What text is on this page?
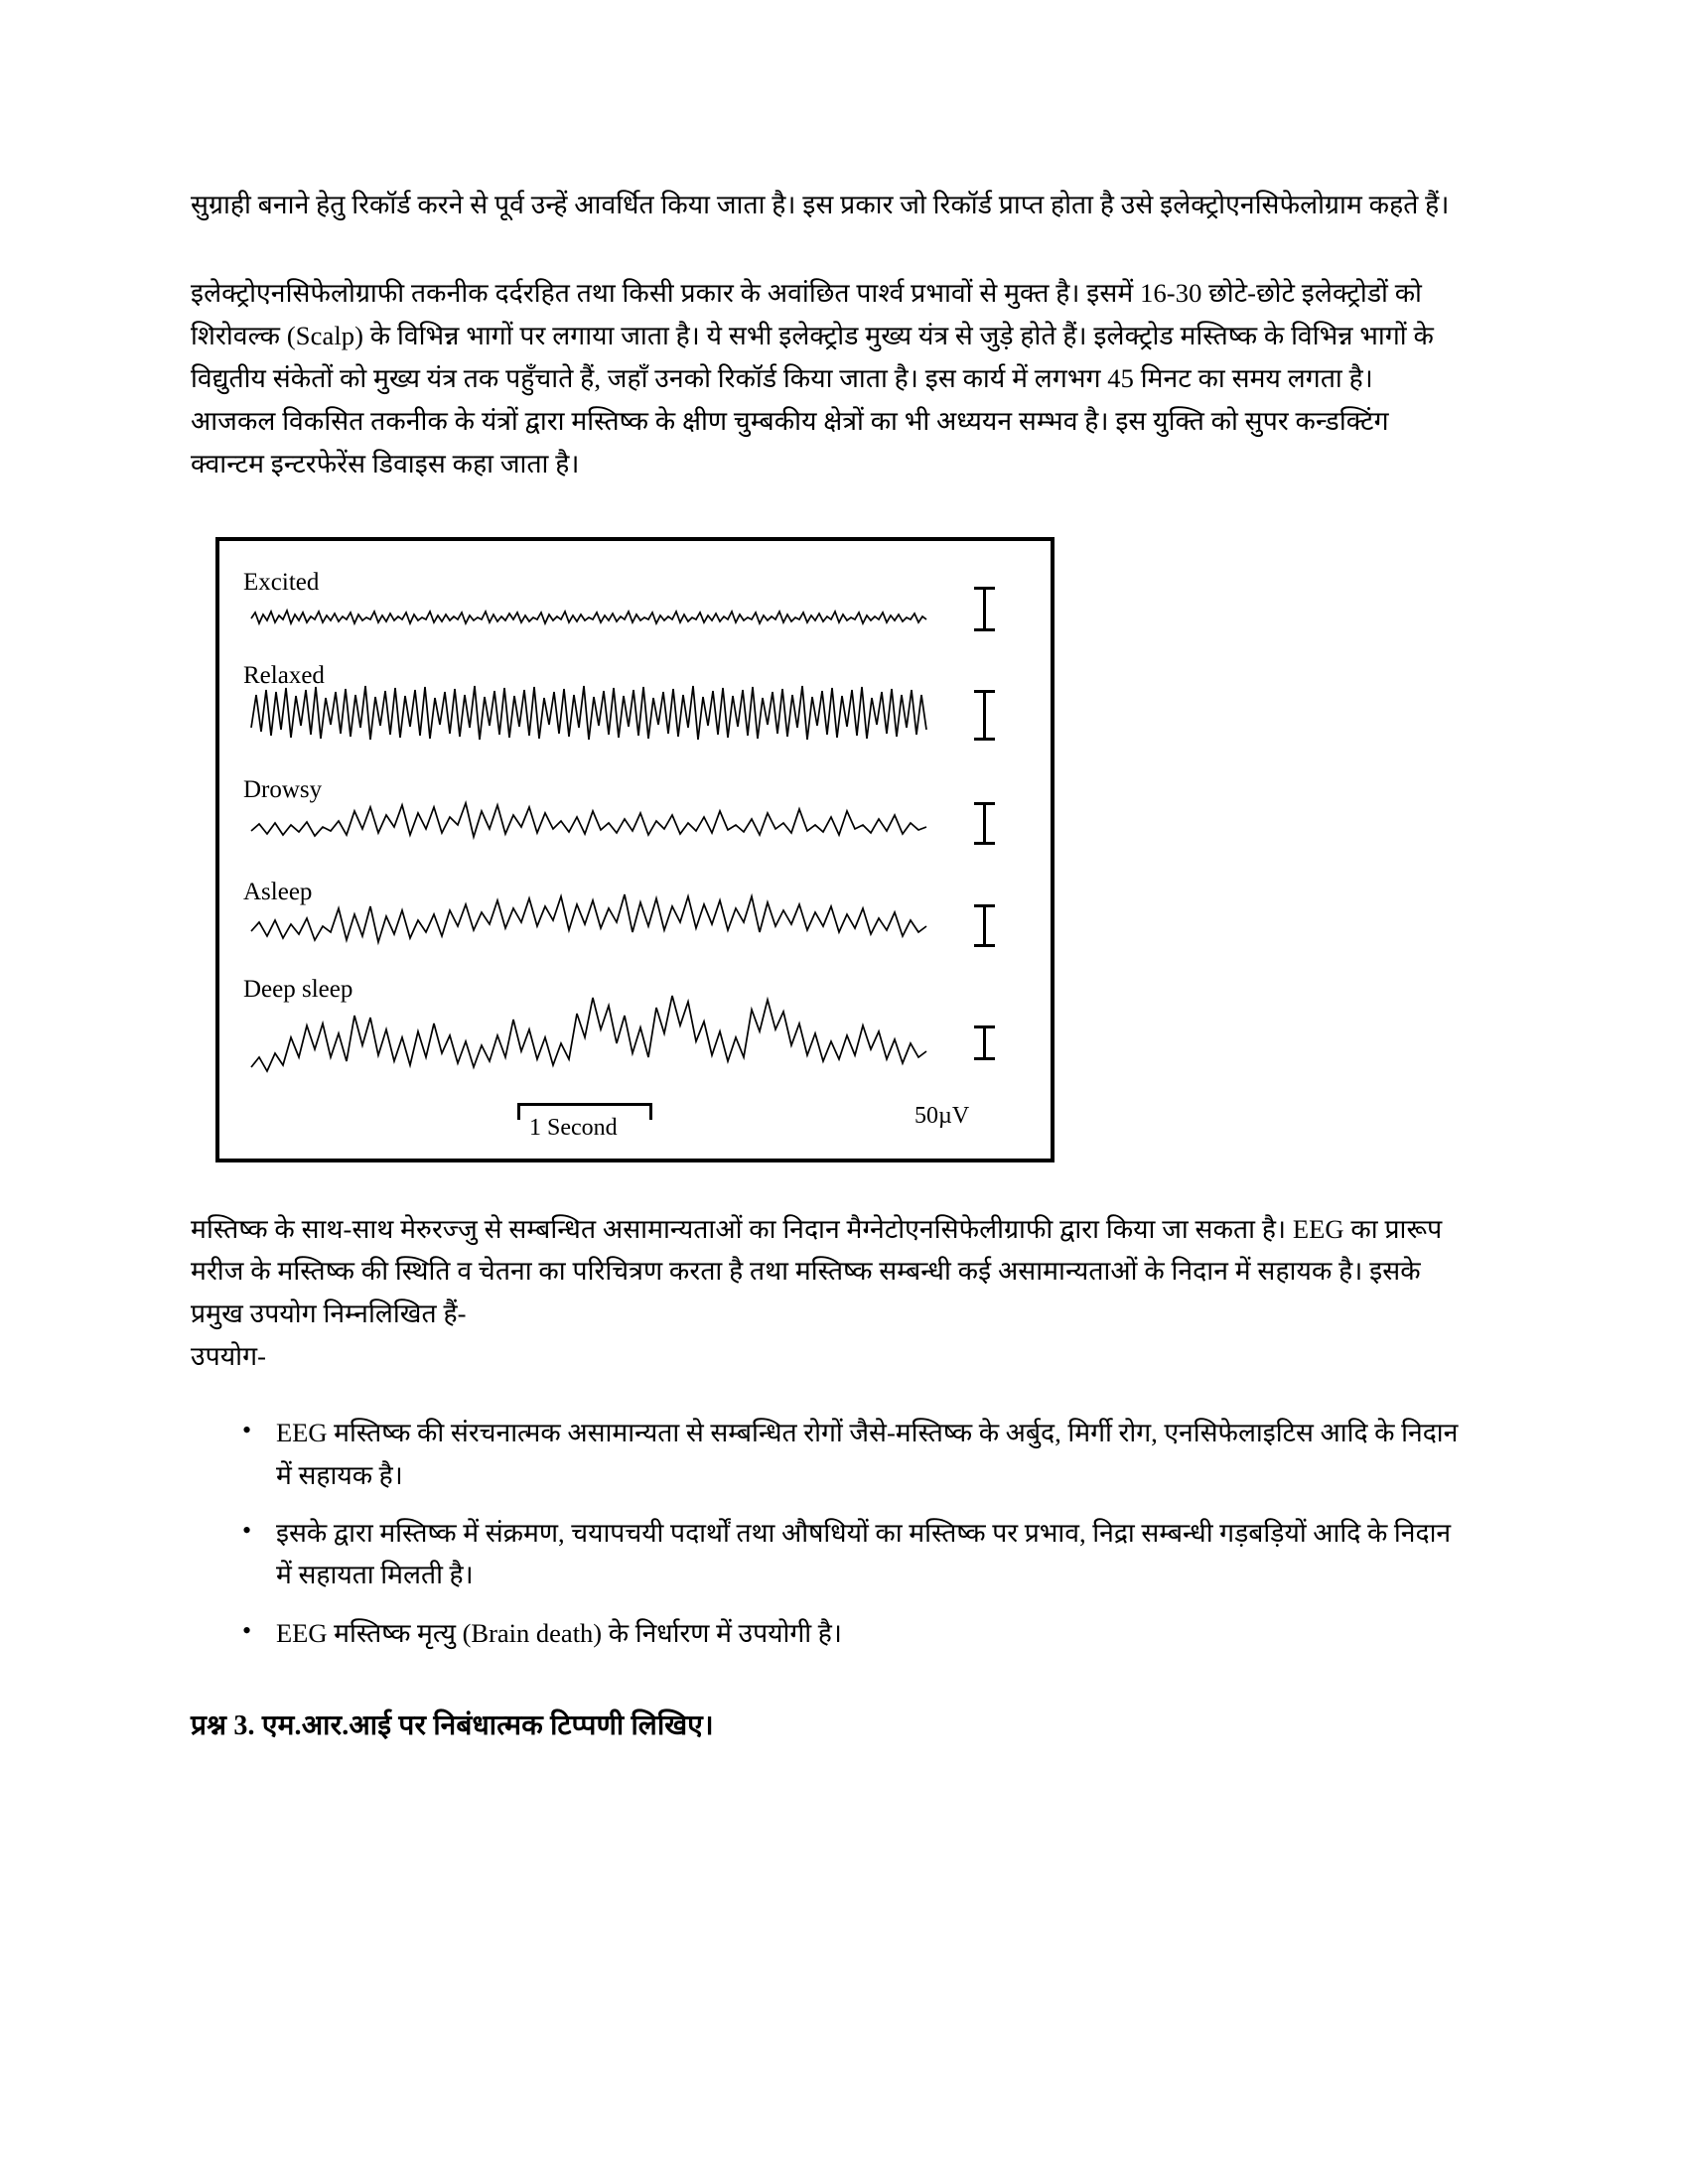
सुग्राही बनाने हेतु रिकॉर्ड करने से पूर्व उन्हें आवर्धित किया जाता है। इस प्रकार जो रिकॉर्ड प्राप्त होता है उसे इलेक्ट्रोएनसिफेलोग्राम कहते हैं।

इलेक्ट्रोएनसिफेलोग्राफी तकनीक दर्दरहित तथा किसी प्रकार के अवांछित पार्श्व प्रभावों से मुक्त है। इसमें 16-30 छोटे-छोटे इलेक्ट्रोडों को शिरोवल्क (Scalp) के विभिन्न भागों पर लगाया जाता है। ये सभी इलेक्ट्रोड मुख्य यंत्र से जुड़े होते हैं। इलेक्ट्रोड मस्तिष्क के विभिन्न भागों के विद्युतीय संकेतों को मुख्य यंत्र तक पहुँचाते हैं, जहाँ उनको रिकॉर्ड किया जाता है। इस कार्य में लगभग 45 मिनट का समय लगता है। आजकल विकसित तकनीक के यंत्रों द्वारा मस्तिष्क के क्षीण चुम्बकीय क्षेत्रों का भी अध्ययन सम्भव है। इस युक्ति को सुपर कन्डक्टिंग क्वान्टम इन्टरफेरेंस डिवाइस कहा जाता है।

Excited
Relaxed
Drowsy
Asleep
Deep sleep
1 Second	50µV

मस्तिष्क के साथ-साथ मेरुरज्जु से सम्बन्धित असामान्यताओं का निदान मैग्नेटोएनसिफेलीग्राफी द्वारा किया जा सकता है। EEG का प्रारूप मरीज के मस्तिष्क की स्थिति व चेतना का परिचित्रण करता है तथा मस्तिष्क सम्बन्धी कई असामान्यताओं के निदान में सहायक है। इसके प्रमुख उपयोग निम्नलिखित हैं-

उपयोग-

• EEG मस्तिष्क की संरचनात्मक असामान्यता से सम्बन्धित रोगों जैसे-मस्तिष्क के अर्बुद, मिर्गी रोग, एनसिफेलाइटिस आदि के निदान में सहायक है।
• इसके द्वारा मस्तिष्क में संक्रमण, चयापचयी पदार्थों तथा औषधियों का मस्तिष्क पर प्रभाव, निद्रा सम्बन्धी गड़बड़ियों आदि के निदान में सहायता मिलती है।
• EEG मस्तिष्क मृत्यु (Brain death) के निर्धारण में उपयोगी है।
प्रश्न 3. एम.आर.आई पर निबंधात्मक टिप्पणी लिखिए।
